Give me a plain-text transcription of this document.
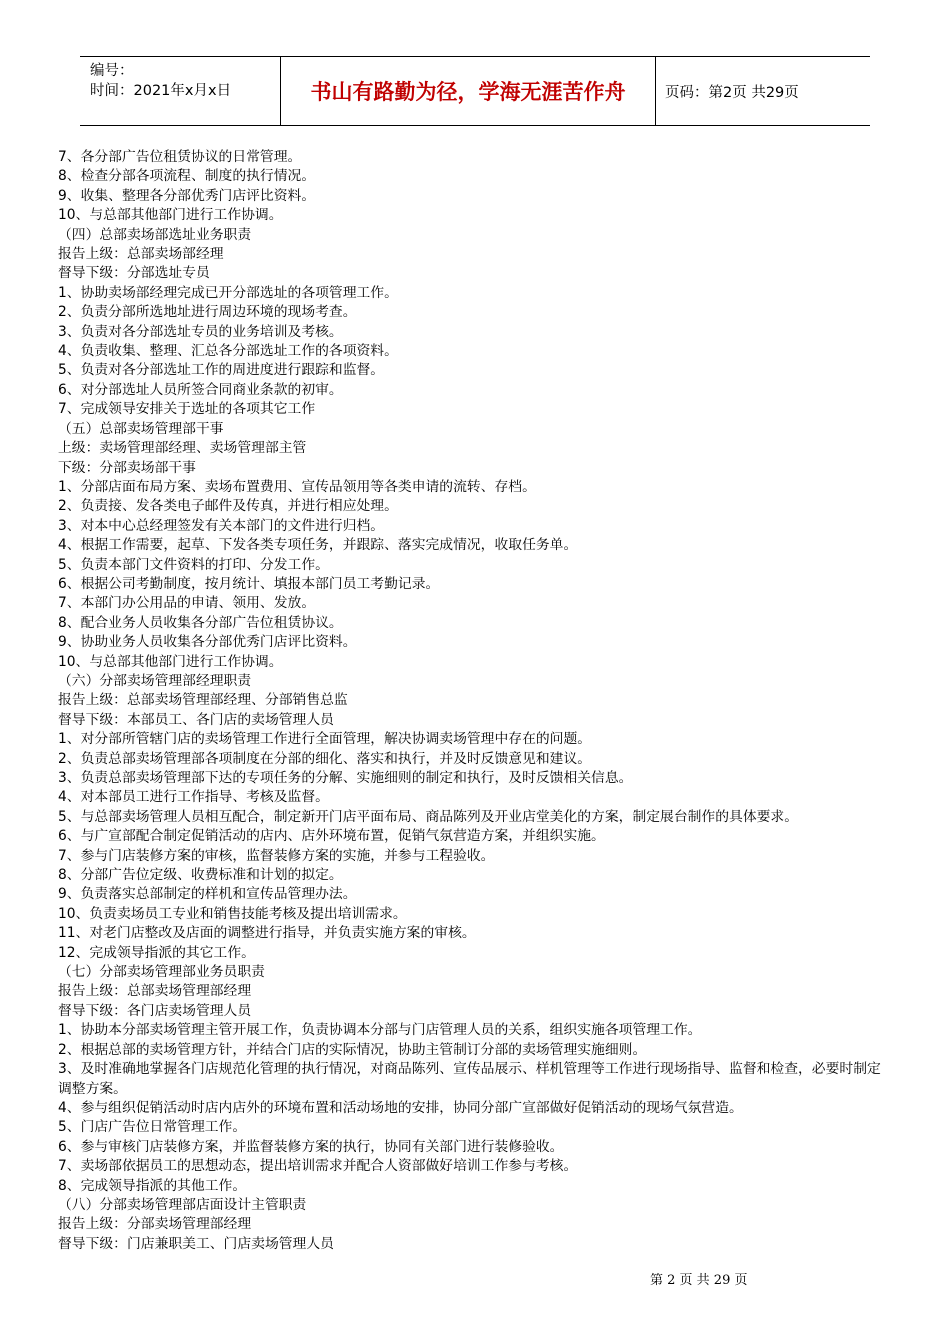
编号：
时间：2021年x月x日	书山有路勤为径，学海无涯苦作舟	页码：第2页 共29页
7、各分部广告位租赁协议的日常管理。
8、检查分部各项流程、制度的执行情况。
9、收集、整理各分部优秀门店评比资料。
10、与总部其他部门进行工作协调。
（四）总部卖场部选址业务职责
报告上级：总部卖场部经理
督导下级：分部选址专员
1、协助卖场部经理完成已开分部选址的各项管理工作。
2、负责分部所选地址进行周边环境的现场考查。
3、负责对各分部选址专员的业务培训及考核。
4、负责收集、整理、汇总各分部选址工作的各项资料。
5、负责对各分部选址工作的周进度进行跟踪和监督。
6、对分部选址人员所签合同商业条款的初审。
7、完成领导安排关于选址的各项其它工作
（五）总部卖场管理部干事
上级：卖场管理部经理、卖场管理部主管
下级：分部卖场部干事
1、分部店面布局方案、卖场布置费用、宣传品领用等各类申请的流转、存档。
2、负责接、发各类电子邮件及传真，并进行相应处理。
3、对本中心总经理签发有关本部门的文件进行归档。
4、根据工作需要，起草、下发各类专项任务，并跟踪、落实完成情况，收取任务单。
5、负责本部门文件资料的打印、分发工作。
6、根据公司考勤制度，按月统计、填报本部门员工考勤记录。
7、本部门办公用品的申请、领用、发放。
8、配合业务人员收集各分部广告位租赁协议。
9、协助业务人员收集各分部优秀门店评比资料。
10、与总部其他部门进行工作协调。
（六）分部卖场管理部经理职责
报告上级：总部卖场管理部经理、分部销售总监
督导下级：本部员工、各门店的卖场管理人员
1、对分部所管辖门店的卖场管理工作进行全面管理，解决协调卖场管理中存在的问题。
2、负责总部卖场管理部各项制度在分部的细化、落实和执行，并及时反馈意见和建议。
3、负责总部卖场管理部下达的专项任务的分解、实施细则的制定和执行，及时反馈相关信息。
4、对本部员工进行工作指导、考核及监督。
5、与总部卖场管理人员相互配合，制定新开门店平面布局、商品陈列及开业店堂美化的方案，制定展台制作的具体要求。
6、与广宣部配合制定促销活动的店内、店外环境布置，促销气氛营造方案，并组织实施。
7、参与门店装修方案的审核，监督装修方案的实施，并参与工程验收。
8、分部广告位定级、收费标准和计划的拟定。
9、负责落实总部制定的样机和宣传品管理办法。
10、负责卖场员工专业和销售技能考核及提出培训需求。
11、对老门店整改及店面的调整进行指导，并负责实施方案的审核。
12、完成领导指派的其它工作。
（七）分部卖场管理部业务员职责
报告上级：总部卖场管理部经理
督导下级：各门店卖场管理人员
1、协助本分部卖场管理主管开展工作，负责协调本分部与门店管理人员的关系，组织实施各项管理工作。
2、根据总部的卖场管理方针，并结合门店的实际情况，协助主管制订分部的卖场管理实施细则。
3、及时准确地掌握各门店规范化管理的执行情况，对商品陈列、宣传品展示、样机管理等工作进行现场指导、监督和检查，必要时制定调整方案。
4、参与组织促销活动时店内店外的环境布置和活动场地的安排，协同分部广宣部做好促销活动的现场气氛营造。
5、门店广告位日常管理工作。
6、参与审核门店装修方案，并监督装修方案的执行，协同有关部门进行装修验收。
7、卖场部依据员工的思想动态，提出培训需求并配合人资部做好培训工作参与考核。
8、完成领导指派的其他工作。
（八）分部卖场管理部店面设计主管职责
报告上级：分部卖场管理部经理
督导下级：门店兼职美工、门店卖场管理人员
第 2 页 共 29 页
